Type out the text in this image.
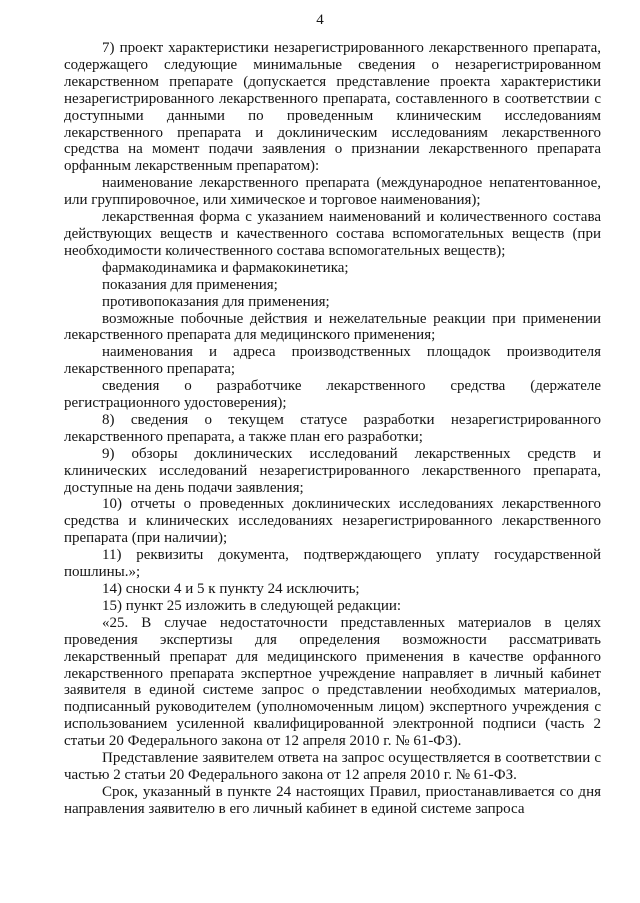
4

7) проект характеристики незарегистрированного лекарственного препарата, содержащего следующие минимальные сведения о незарегистрированном лекарственном препарате (допускается представление проекта характеристики незарегистрированного лекарственного препарата, составленного в соответствии с доступными данными по проведенным клиническим исследованиям лекарственного препарата и доклиническим исследованиям лекарственного средства на момент подачи заявления о признании лекарственного препарата орфанным лекарственным препаратом):

наименование лекарственного препарата (международное непатентованное, или группировочное, или химическое и торговое наименования);

лекарственная форма с указанием наименований и количественного состава действующих веществ и качественного состава вспомогательных веществ (при необходимости количественного состава вспомогательных веществ);

фармакодинамика и фармакокинетика;

показания для применения;

противопоказания для применения;

возможные побочные действия и нежелательные реакции при применении лекарственного препарата для медицинского применения;

наименования и адреса производственных площадок производителя лекарственного препарата;

сведения о разработчике лекарственного средства (держателе регистрационного удостоверения);

8) сведения о текущем статусе разработки незарегистрированного лекарственного препарата, а также план его разработки;

9) обзоры доклинических исследований лекарственных средств и клинических исследований незарегистрированного лекарственного препарата, доступные на день подачи заявления;

10) отчеты о проведенных доклинических исследованиях лекарственного средства и клинических исследованиях незарегистрированного лекарственного препарата (при наличии);

11) реквизиты документа, подтверждающего уплату государственной пошлины.»;

14) сноски 4 и 5 к пункту 24 исключить;

15) пункт 25 изложить в следующей редакции:

«25. В случае недостаточности представленных материалов в целях проведения экспертизы для определения возможности рассматривать лекарственный препарат для медицинского применения в качестве орфанного лекарственного препарата экспертное учреждение направляет в личный кабинет заявителя в единой системе запрос о представлении необходимых материалов, подписанный руководителем (уполномоченным лицом) экспертного учреждения с использованием усиленной квалифицированной электронной подписи (часть 2 статьи 20 Федерального закона от 12 апреля 2010 г. № 61-ФЗ).

Представление заявителем ответа на запрос осуществляется в соответствии с частью 2 статьи 20 Федерального закона от 12 апреля 2010 г. № 61-ФЗ.

Срок, указанный в пункте 24 настоящих Правил, приостанавливается со дня направления заявителю в его личный кабинет в единой системе запроса
